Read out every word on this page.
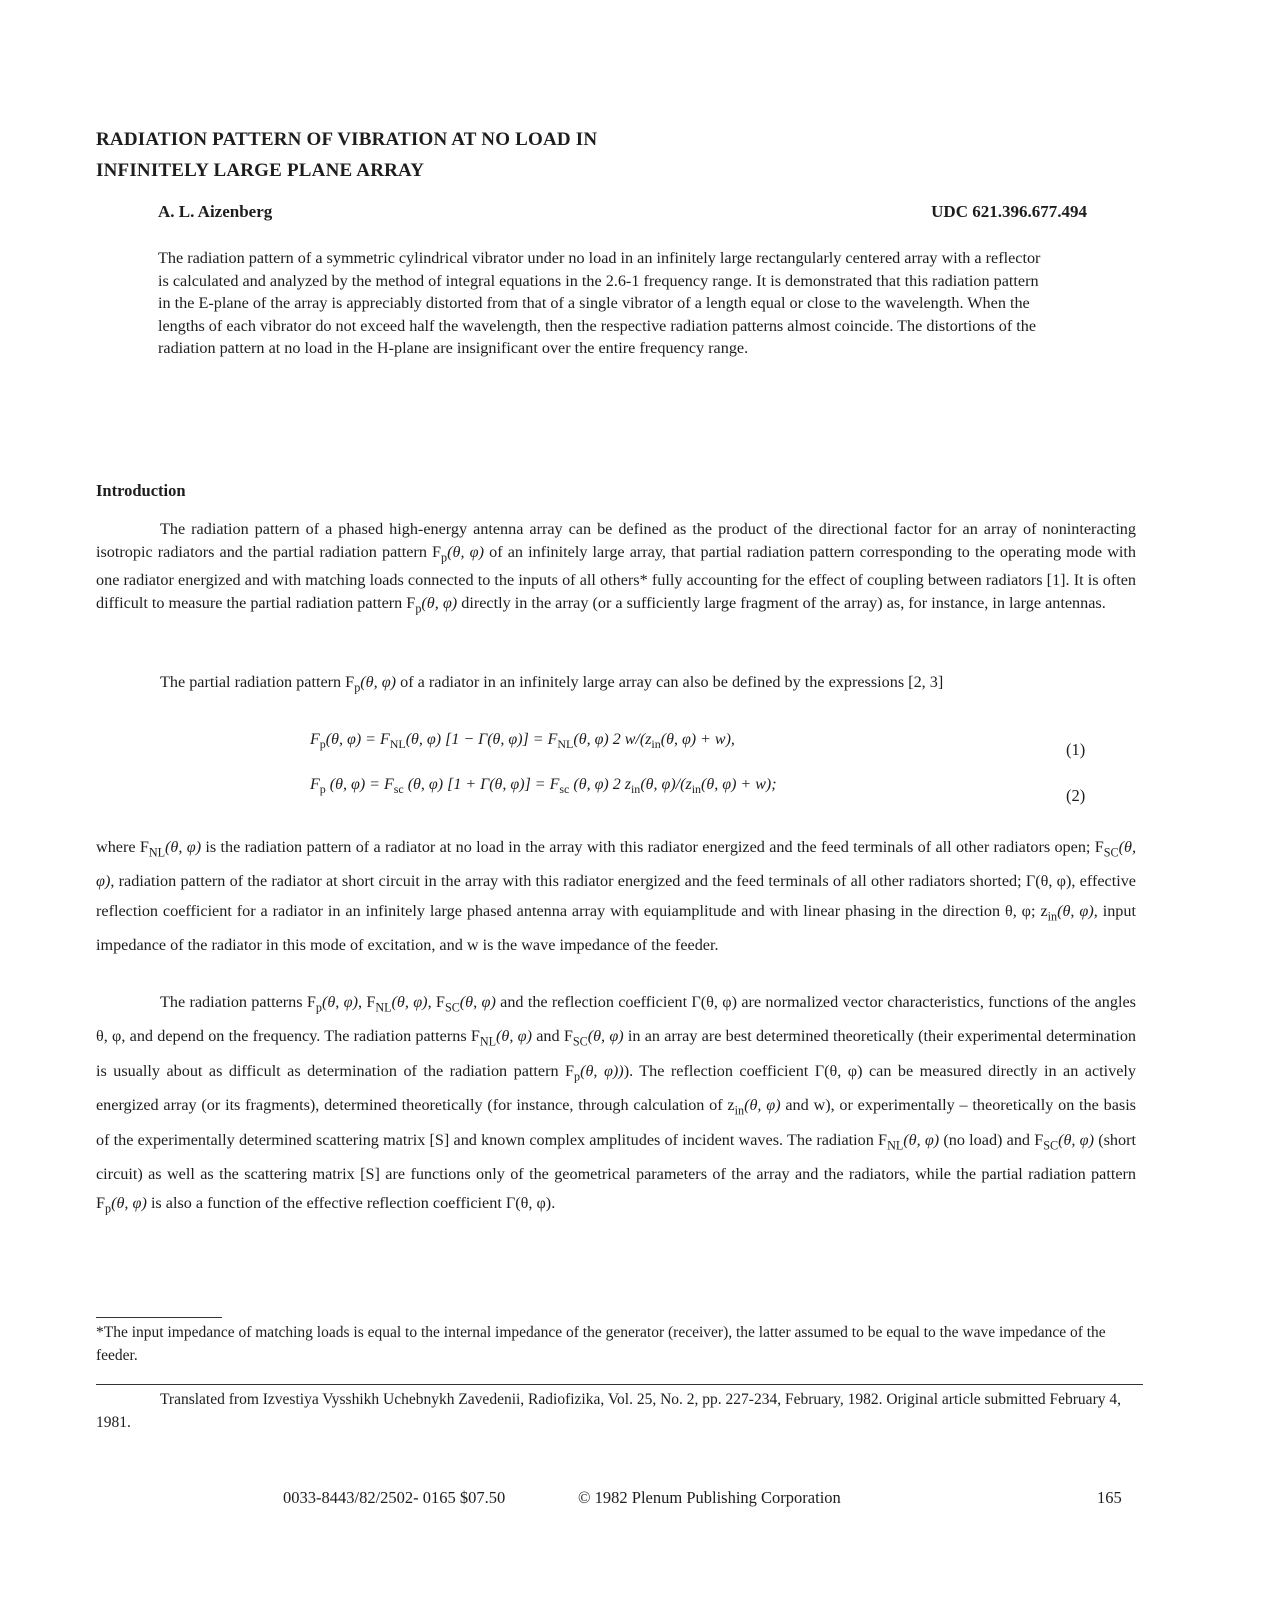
RADIATION PATTERN OF VIBRATION AT NO LOAD IN
INFINITELY LARGE PLANE ARRAY
A. L. Aizenberg	UDC 621.396.677.494
The radiation pattern of a symmetric cylindrical vibrator under no load in an infinitely large rectangularly centered array with a reflector is calculated and analyzed by the method of integral equations in the 2.6-1 frequency range. It is demonstrated that this radiation pattern in the E-plane of the array is appreciably distorted from that of a single vibrator of a length equal or close to the wavelength. When the lengths of each vibrator do not exceed half the wavelength, then the respective radiation patterns almost coincide. The distortions of the radiation pattern at no load in the H-plane are insignificant over the entire frequency range.
Introduction
The radiation pattern of a phased high-energy antenna array can be defined as the product of the directional factor for an array of noninteracting isotropic radiators and the partial radiation pattern $F_p(\theta$, φ) of an infinitely large array, that partial radiation pattern corresponding to the operating mode with one radiator energized and with matching loads connected to the inputs of all others* fully accounting for the effect of coupling between radiators [1]. It is often difficult to measure the partial radiation pattern $F_p(\theta$, φ) directly in the array (or a sufficiently large fragment of the array) as, for instance, in large antennas.
The partial radiation pattern $F_p(\theta$, φ) of a radiator in an infinitely large array can also be defined by the expressions [2, 3]
$F_p(\theta$, $\varphi) = F_{NL}(\theta$, φ) [1 − Γ(θ, $\varphi)] = F_{NL}(\theta$, φ) 2 $w/(z_{in}(\theta$, φ) + w),
(1)
$F_p$ (θ, $\varphi) = F_{sc}$ (θ, φ) [1 + Γ(θ, $\varphi)] = F_{sc}$ (θ, φ) 2 $z_{in}(\theta$, $\varphi)/(z_{in}(\theta$, φ) + w);
(2)
where $F_{NL}(\theta$, φ) is the radiation pattern of a radiator at no load in the array with this radiator energized and the feed terminals of all other radiators open; $F_{SC}(\theta$, φ), radiation pattern of the radiator at short circuit in the array with this radiator energized and the feed terminals of all other radiators shorted; Γ(θ, φ), effective reflection coefficient for a radiator in an infinitely large phased antenna array with equiamplitude and with linear phasing in the direction θ, φ; $z_{in}(\theta$, φ), input impedance of the radiator in this mode of excitation, and w is the wave impedance of the feeder.
The radiation patterns $F_p(\theta$, φ), $F_{NL}(\theta$, φ), $F_{SC}(\theta$, φ) and the reflection coefficient Γ(θ, φ) are normalized vector characteristics, functions of the angles θ, φ, and depend on the frequency. The radiation patterns $F_{NL}(\theta$, φ) and $F_{SC}(\theta$, φ) in an array are best determined theoretically (their experimental determination is usually about as difficult as determination of the radiation pattern $F_p(\theta$, φ))). The reflection coefficient Γ(θ, φ) can be measured directly in an actively energized array (or its fragments), determined theoretically (for instance, through calculation of $z_{in}(\theta$, φ) and w), or experimentally – theoretically on the basis of the experimentally determined scattering matrix [S] and known complex amplitudes of incident waves. The radiation $F_{NL}(\theta$, φ) (no load) and $F_{SC}(\theta$, φ) (short circuit) as well as the scattering matrix [S] are functions only of the geometrical parameters of the array and the radiators, while the partial radiation pattern $F_p(\theta$, φ) is also a function of the effective reflection coefficient Γ(θ, φ).
*The input impedance of matching loads is equal to the internal impedance of the generator (receiver), the latter assumed to be equal to the wave impedance of the feeder.
Translated from Izvestiya Vysshikh Uchebnykh Zavedenii, Radiofizika, Vol. 25, No. 2, pp. 227-234, February, 1982. Original article submitted February 4, 1981.
0033-8443/82/2502- 0165 $07.50	© 1982 Plenum Publishing Corporation	165
